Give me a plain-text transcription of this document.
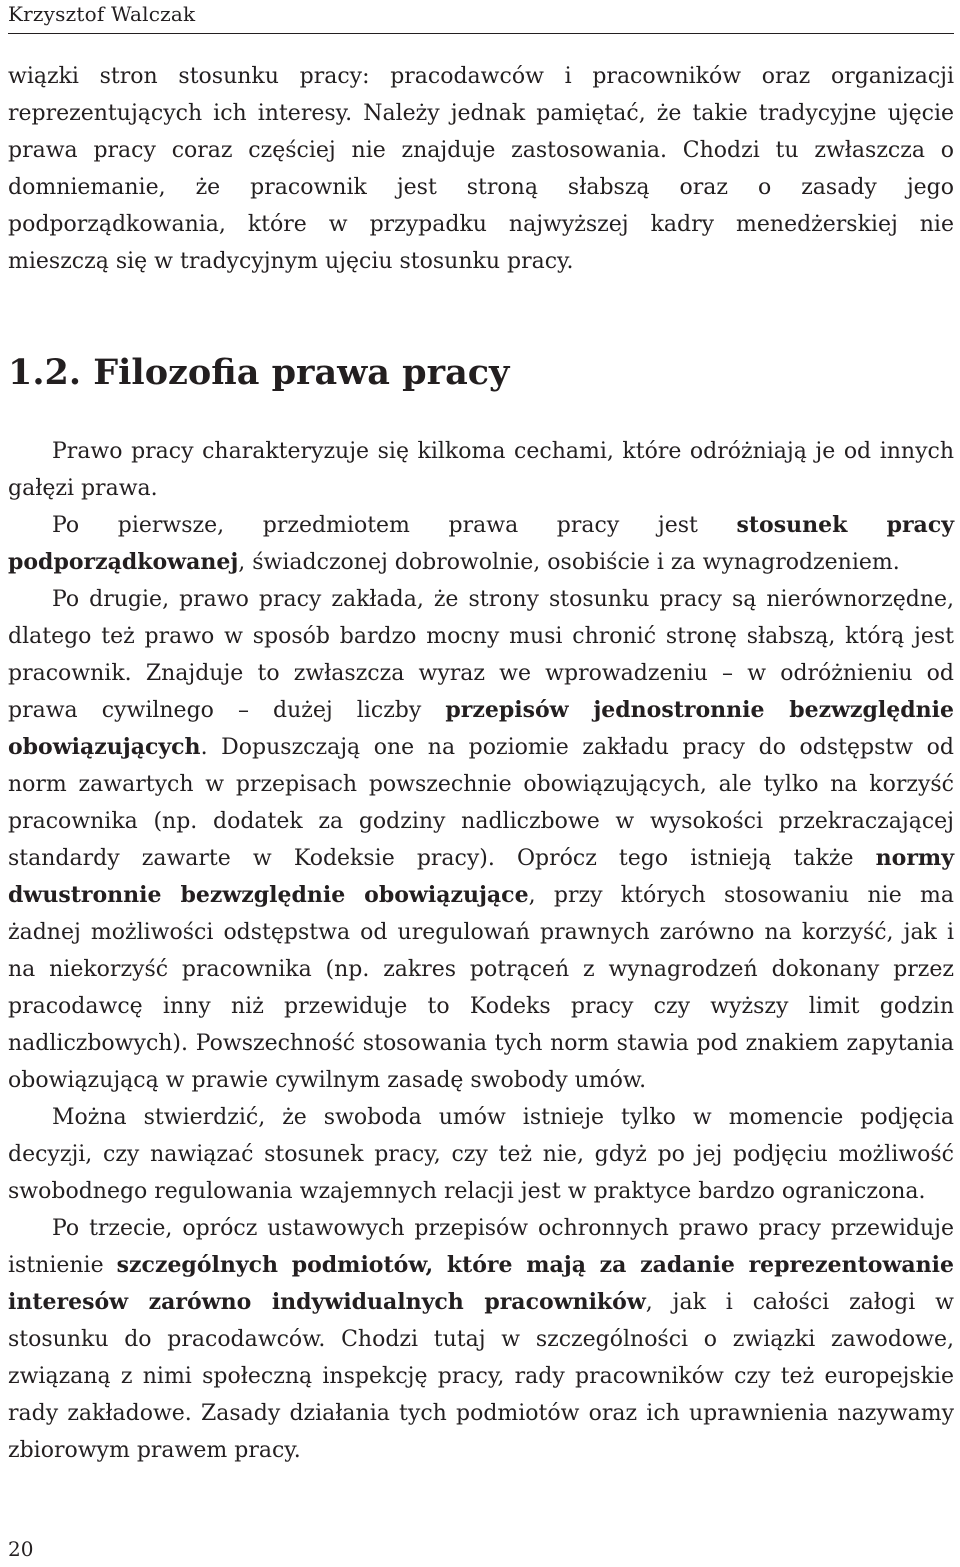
Krzysztof Walczak

wiązki stron stosunku pracy: pracodawców i pracowników oraz organizacji reprezentujących ich interesy. Należy jednak pamiętać, że takie tradycyjne ujęcie prawa pracy coraz częściej nie znajduje zastosowania. Chodzi tu zwłaszcza o domniemanie, że pracownik jest stroną słabszą oraz o zasady jego podporządkowania, które w przypadku najwyższej kadry menedżerskiej nie mieszczą się w tradycyjnym ujęciu stosunku pracy.

1.2. Filozofia prawa pracy

Prawo pracy charakteryzuje się kilkoma cechami, które odróżniają je od innych gałęzi prawa.

Po pierwsze, przedmiotem prawa pracy jest stosunek pracy podporządkowanej, świadczonej dobrowolnie, osobiście i za wynagrodzeniem.

Po drugie, prawo pracy zakłada, że strony stosunku pracy są nierównorzędne, dlatego też prawo w sposób bardzo mocny musi chronić stronę słabszą, którą jest pracownik. Znajduje to zwłaszcza wyraz we wprowadzeniu – w odróżnieniu od prawa cywilnego – dużej liczby przepisów jednostronnie bezwzględnie obowiązujących. Dopuszczają one na poziomie zakładu pracy do odstępstw od norm zawartych w przepisach powszechnie obowiązujących, ale tylko na korzyść pracownika (np. dodatek za godziny nadliczbowe w wysokości przekraczającej standardy zawarte w Kodeksie pracy). Oprócz tego istnieją także normy dwustronnie bezwzględnie obowiązujące, przy których stosowaniu nie ma żadnej możliwości odstępstwa od uregulowań prawnych zarówno na korzyść, jak i na niekorzyść pracownika (np. zakres potrąceń z wynagrodzeń dokonany przez pracodawcę inny niż przewiduje to Kodeks pracy czy wyższy limit godzin nadliczbowych). Powszechność stosowania tych norm stawia pod znakiem zapytania obowiązującą w prawie cywilnym zasadę swobody umów.

Można stwierdzić, że swoboda umów istnieje tylko w momencie podjęcia decyzji, czy nawiązać stosunek pracy, czy też nie, gdyż po jej podjęciu możliwość swobodnego regulowania wzajemnych relacji jest w praktyce bardzo ograniczona.

Po trzecie, oprócz ustawowych przepisów ochronnych prawo pracy przewiduje istnienie szczególnych podmiotów, które mają za zadanie reprezentowanie interesów zarówno indywidualnych pracowników, jak i całości załogi w stosunku do pracodawców. Chodzi tutaj w szczególności o związki zawodowe, związaną z nimi społeczną inspekcję pracy, rady pracowników czy też europejskie rady zakładowe. Zasady działania tych podmiotów oraz ich uprawnienia nazywamy zbiorowym prawem pracy.

20
